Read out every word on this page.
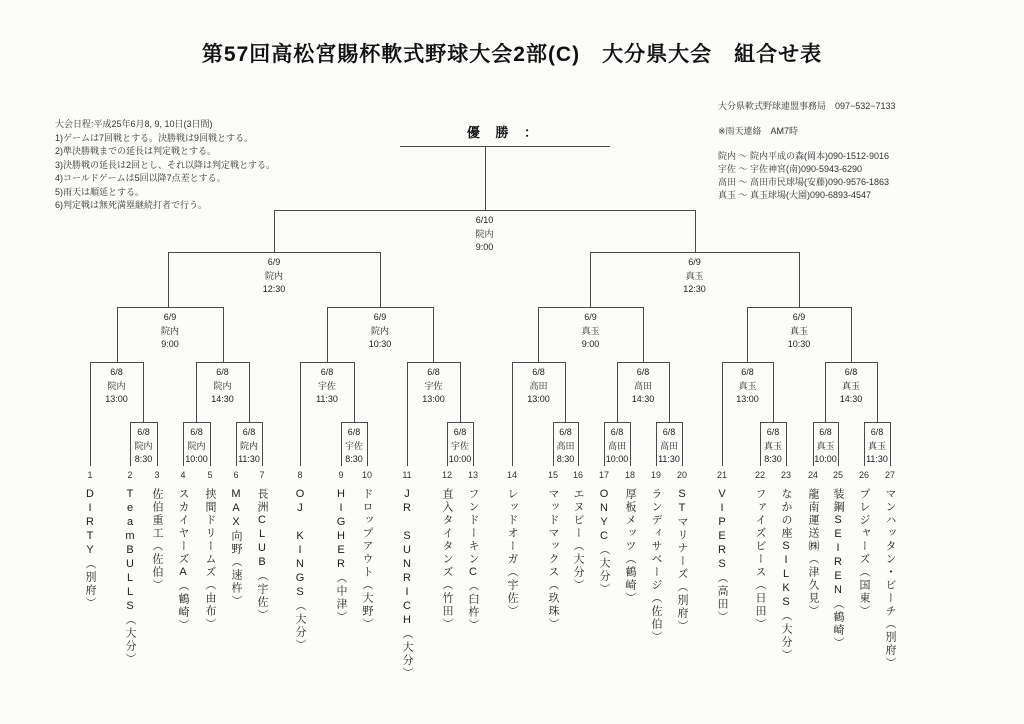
第57回高松宮賜杯軟式野球大会2部(C)　大分県大会　組合せ表
大会日程:平成25年6月8, 9, 10日(3日間)
1)ゲームは7回戦とする。決勝戦は9回戦とする。
2)準決勝戦までの延長は判定戦とする。
3)決勝戦の延長は2回とし、それ以降は判定戦とする。
4)コールドゲームは5回以降7点差とする。
5)雨天は順延とする。
6)判定戦は無死満塁継続打者で行う。
大分県軟式野球連盟事務局　097−532−7133
※雨天連絡　AM7時
院内 ～ 院内平成の森(岡本)090-1512-9016
宇佐 ～ 宇佐神宮(南)090-5943-6290
高田 ～ 高田市民球場(安藤)090-9576-1863
真玉 ～ 真玉球場(大園)090-6893-4547
優 勝 ：
6/10
院内
9:00
6/9
院内
12:30
6/9
真玉
12:30
6/9
院内
9:00
6/9
院内
10:30
6/9
真玉
9:00
6/9
真玉
10:30
6/8
院内
13:00
6/8
院内
14:30
6/8
宇佐
11:30
6/8
宇佐
13:00
6/8
高田
13:00
6/8
高田
14:30
6/8
真玉
13:00
6/8
真玉
14:30
6/8
院内
8:30
6/8
院内
10:00
6/8
院内
11:30
6/8
宇佐
8:30
6/8
宇佐
10:00
6/8
高田
8:30
6/8
高田
10:00
6/8
高田
11:30
6/8
真玉
8:30
6/8
真玉
10:00
6/8
真玉
11:30
1
DIRTY（別府）
2
TeamBULLS（大分）
3
佐伯重工（佐伯）
4
スカイヤーズA（鶴崎）
5
挟間ドリームズ（由布）
6
MAX向野（速杵）
7
長洲CLUB（宇佐）
8
OJ KINGS（大分）
9
HIGHER（中津）
10
ドロップアウト（大野）
11
JR SUNRICH（大分）
12
直入タイタンズ（竹田）
13
フンドーキンC（臼杵）
14
レッドオーガ（宇佐）
15
マッドマックス（玖珠）
16
エヌビー（大分）
17
ONYC（大分）
18
厚板メッツ（鶴崎）
19
ランディサベージ（佐伯）
20
STマリナーズ（別府）
21
VIPERS（高田）
22
ファイズビース（日田）
23
なかの座SILKS（大分）
24
龍南運送㈱（津久見）
25
装鋼SEIREN（鶴崎）
26
プレジャーズ（国東）
27
マンハッタン・ビーチ（別府）
